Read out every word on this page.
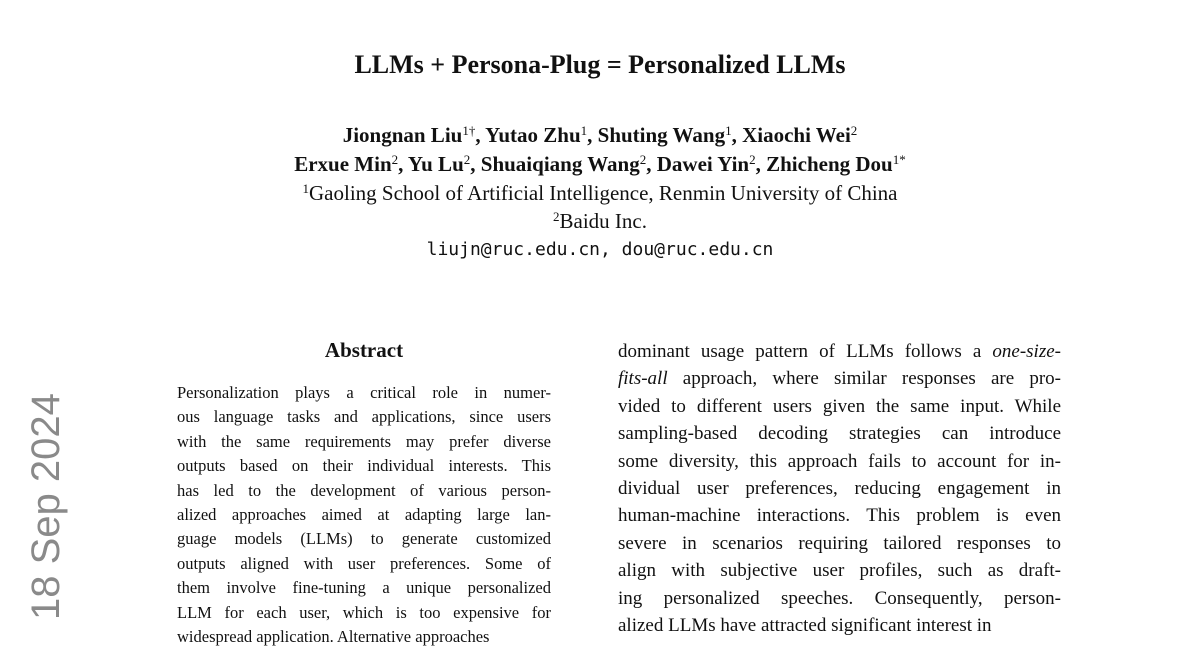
LLMs + Persona-Plug = Personalized LLMs
Jiongnan Liu$^{1\dagger}$, Yutao Zhu$^1$, Shuting Wang$^1$, Xiaochi Wei$^2$
Erxue Min$^2$, Yu Lu$^2$, Shuaiqiang Wang$^2$, Dawei Yin$^2$, Zhicheng Dou$^{1*}$
$^1$Gaoling School of Artificial Intelligence, Renmin University of China
$^2$Baidu Inc.
liujn@ruc.edu.cn, dou@ruc.edu.cn
Abstract
Personalization plays a critical role in numer-
ous language tasks and applications, since users
with the same requirements may prefer diverse
outputs based on their individual interests. This
has led to the development of various person-
alized approaches aimed at adapting large lan-
guage models (LLMs) to generate customized
outputs aligned with user preferences. Some of
them involve fine-tuning a unique personalized
LLM for each user, which is too expensive for
widespread application. Alternative approaches
dominant usage pattern of LLMs follows a one-size-
fits-all approach, where similar responses are pro-
vided to different users given the same input. While
sampling-based decoding strategies can introduce
some diversity, this approach fails to account for in-
dividual user preferences, reducing engagement in
human-machine interactions. This problem is even
severe in scenarios requiring tailored responses to
align with subjective user profiles, such as draft-
ing personalized speeches. Consequently, person-
alized LLMs have attracted significant interest in
18 Sep 2024
